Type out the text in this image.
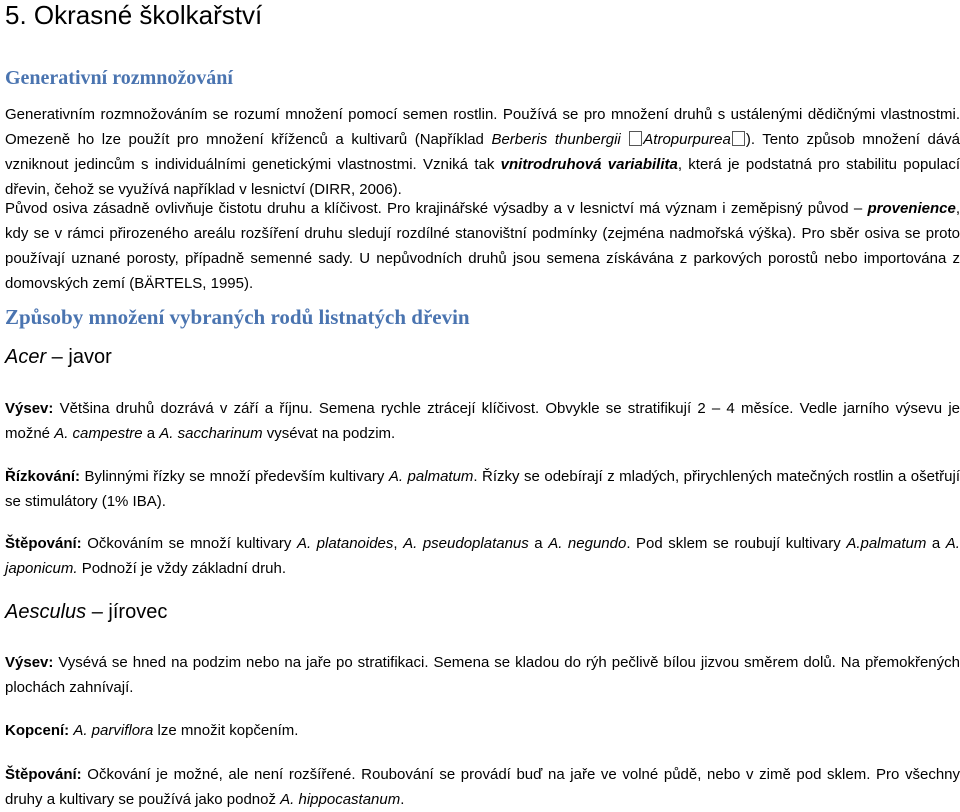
5. Okrasné školkařství
Generativní rozmnožování

Generativním rozmnožováním se rozumí množení pomocí semen rostlin. Používá se pro množení druhů s ustálenými dědičnými vlastnostmi. Omezeně ho lze použít pro množení kříženců a kultivarů (Například Berberis thunbergii Atropurpurea ). Tento způsob množení dává vzniknout jedincům s individuálními genetickými vlastnostmi. Vzniká tak vnitrodruhová variabilita, která je podstatná pro stabilitu populací dřevin, čehož se využívá například v lesnictví (DIRR, 2006).

Původ osiva zásadně ovlivňuje čistotu druhu a klíčivost. Pro krajinářské výsadby a v lesnictví má význam i zeměpisný původ – provenience, kdy se v rámci přirozeného areálu rozšíření druhu sledují rozdílné stanovištní podmínky (zejména nadmořská výška). Pro sběr osiva se proto používají uznané porosty, případně semenné sady. U nepůvodních druhů jsou semena získávána z parkových porostů nebo importována z domovských zemí (BÄRTELS, 1995).

Způsoby množení vybraných rodů listnatých dřevin
Acer – javor

Výsev: Většina druhů dozrává v září a říjnu. Semena rychle ztrácejí klíčivost. Obvykle se stratifikují 2 – 4 měsíce. Vedle jarního výsevu je možné A. campestre a A. saccharinum vysévat na podzim.

Řízkování: Bylinnými řízky se množí především kultivary A. palmatum. Řízky se odebírají z mladých, přirychlených matečných rostlin a ošetřují se stimulátory (1% IBA).

Štěpování: Očkováním se množí kultivary A. platanoides, A. pseudoplatanus a A. negundo. Pod sklem se roubují kultivary A.palmatum a A. japonicum. Podnoží je vždy základní druh.

Aesculus – jírovec

Výsev: Vysévá se hned na podzim nebo na jaře po stratifikaci. Semena se kladou do rýh pečlivě bílou jizvou směrem dolů. Na přemokřených plochách zahnívají.

Kopcení: A. parviflora lze množit kopčením.

Štěpování: Očkování je možné, ale není rozšířené. Roubování se provádí buď na jaře ve volné půdě, nebo v zimě pod sklem. Pro všechny druhy a kultivary se používá jako podnož A. hippocastanum.
